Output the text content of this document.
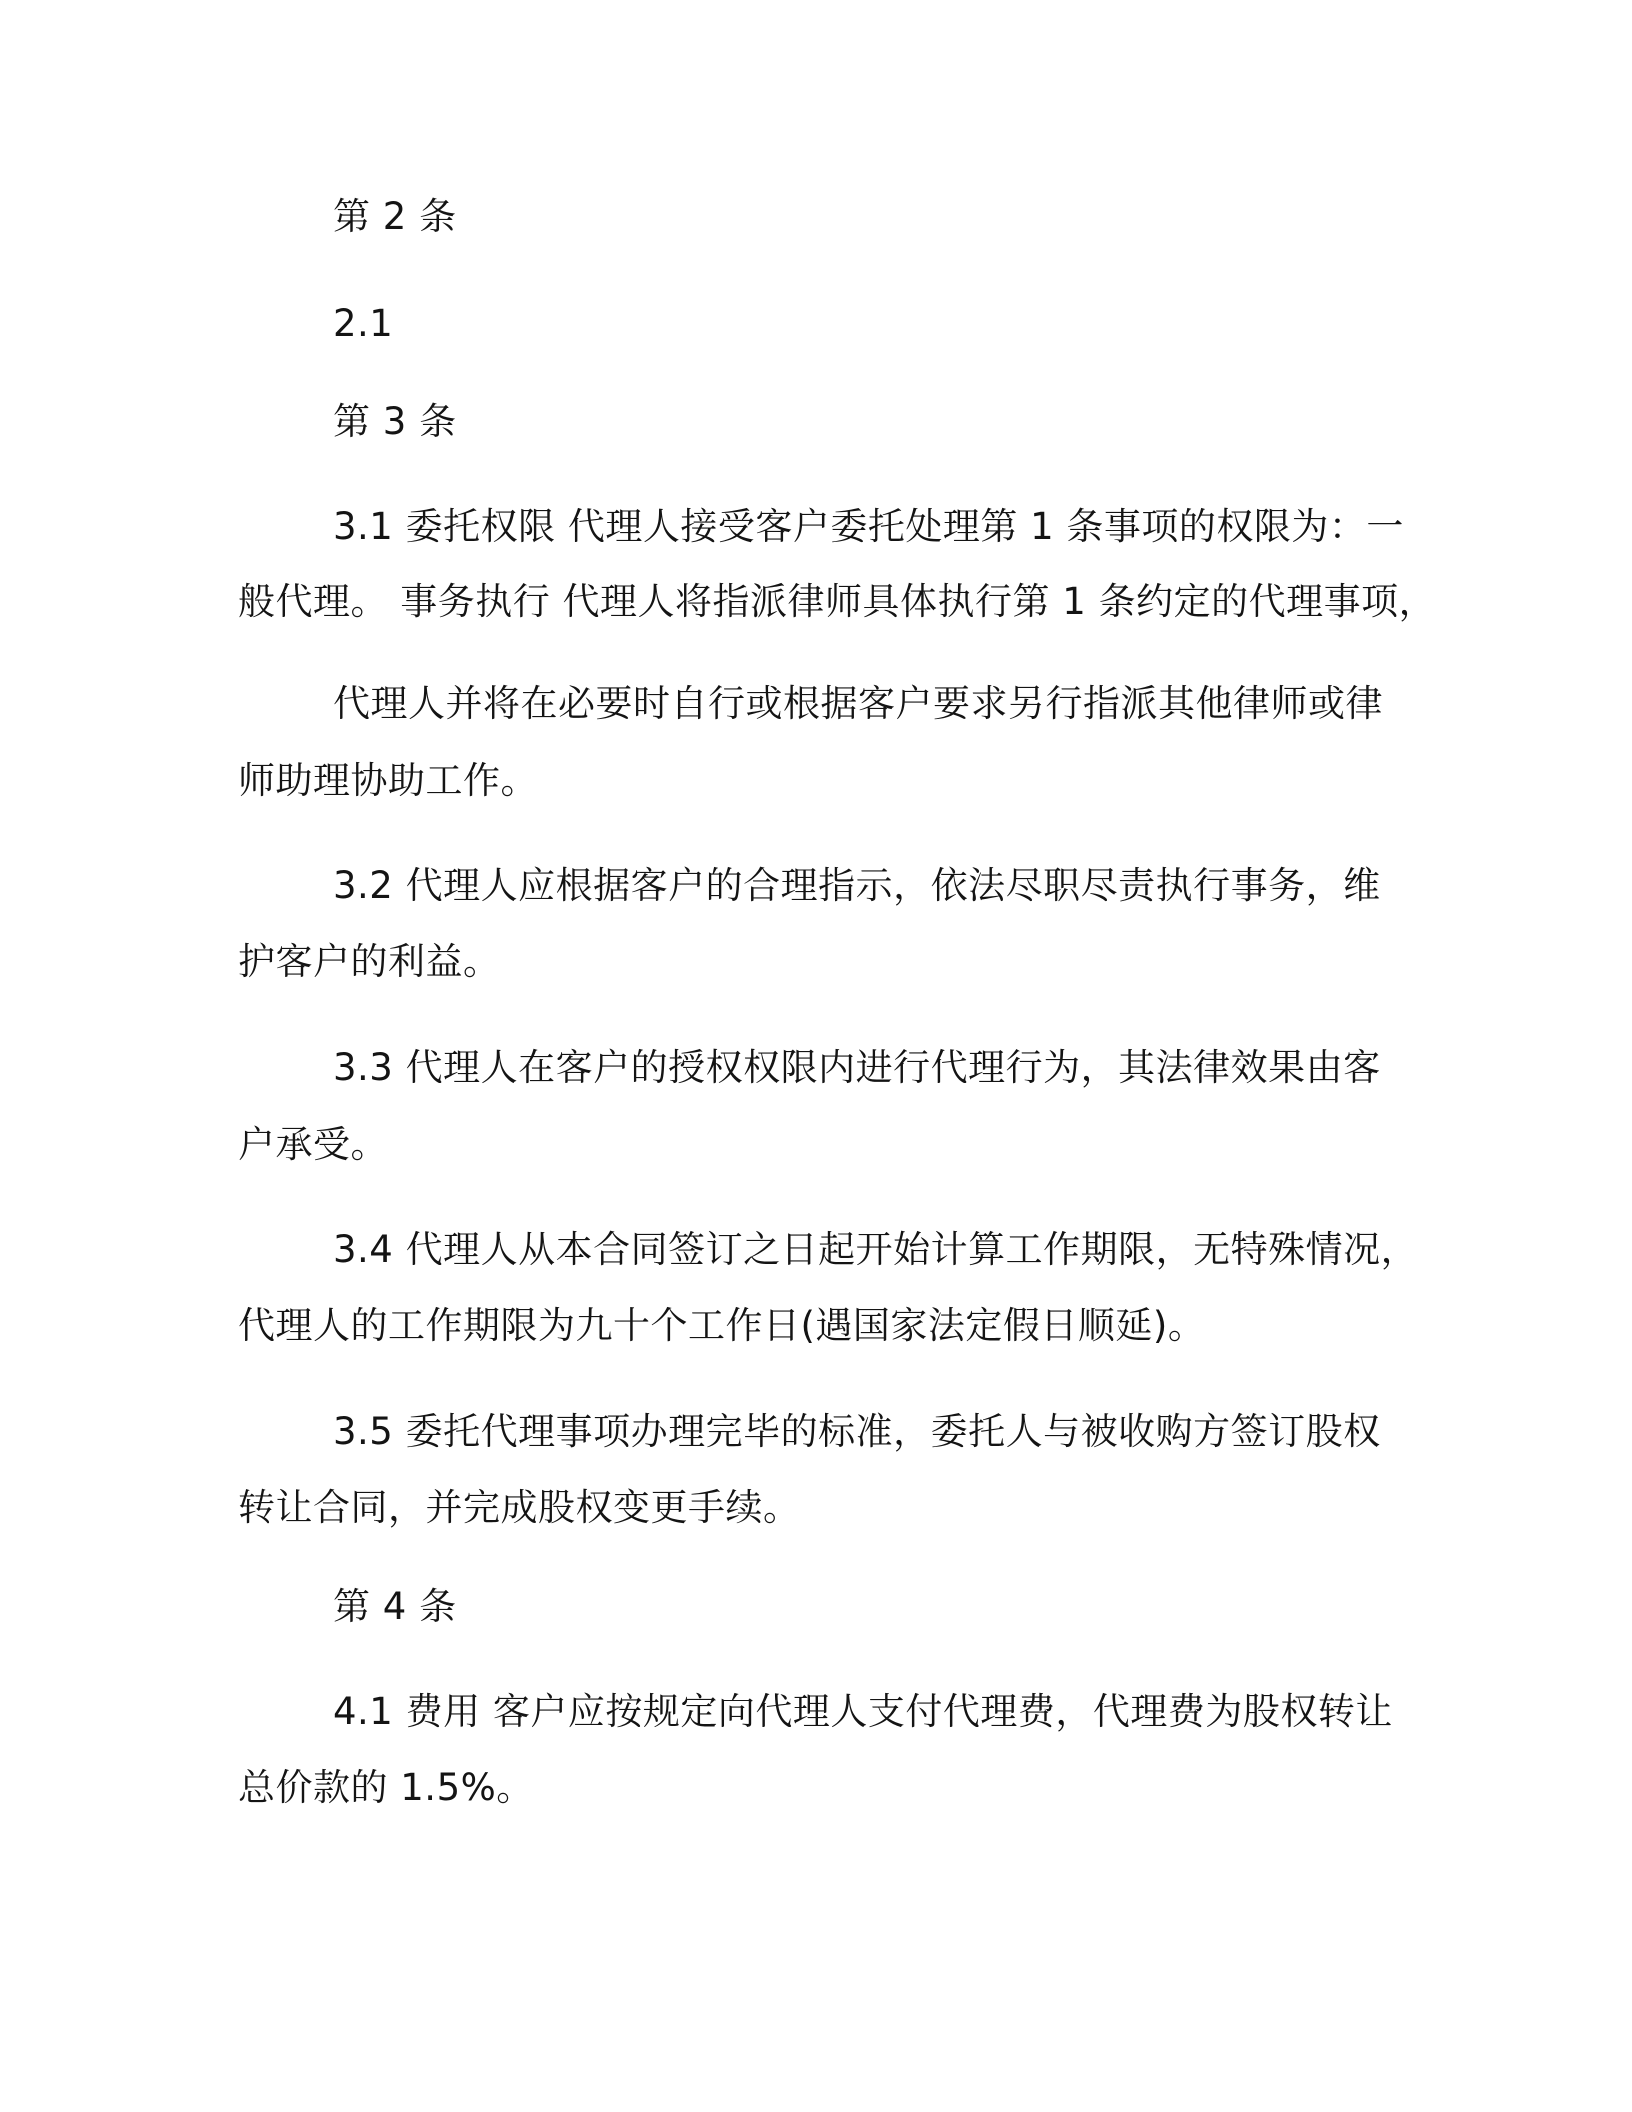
第 2 条
2.1
第 3 条
3.1 委托权限 代理人接受客户委托处理第 1 条事项的权限为：一
般代理。 事务执行 代理人将指派律师具体执行第 1 条约定的代理事项，
代理人并将在必要时自行或根据客户要求另行指派其他律师或律
师助理协助工作。
3.2 代理人应根据客户的合理指示，依法尽职尽责执行事务，维
护客户的利益。
3.3 代理人在客户的授权权限内进行代理行为，其法律效果由客
户承受。
3.4 代理人从本合同签订之日起开始计算工作期限，无特殊情况，
代理人的工作期限为九十个工作日(遇国家法定假日顺延)。
3.5 委托代理事项办理完毕的标准，委托人与被收购方签订股权
转让合同，并完成股权变更手续。
第 4 条
4.1 费用 客户应按规定向代理人支付代理费，代理费为股权转让
总价款的 1.5%。
